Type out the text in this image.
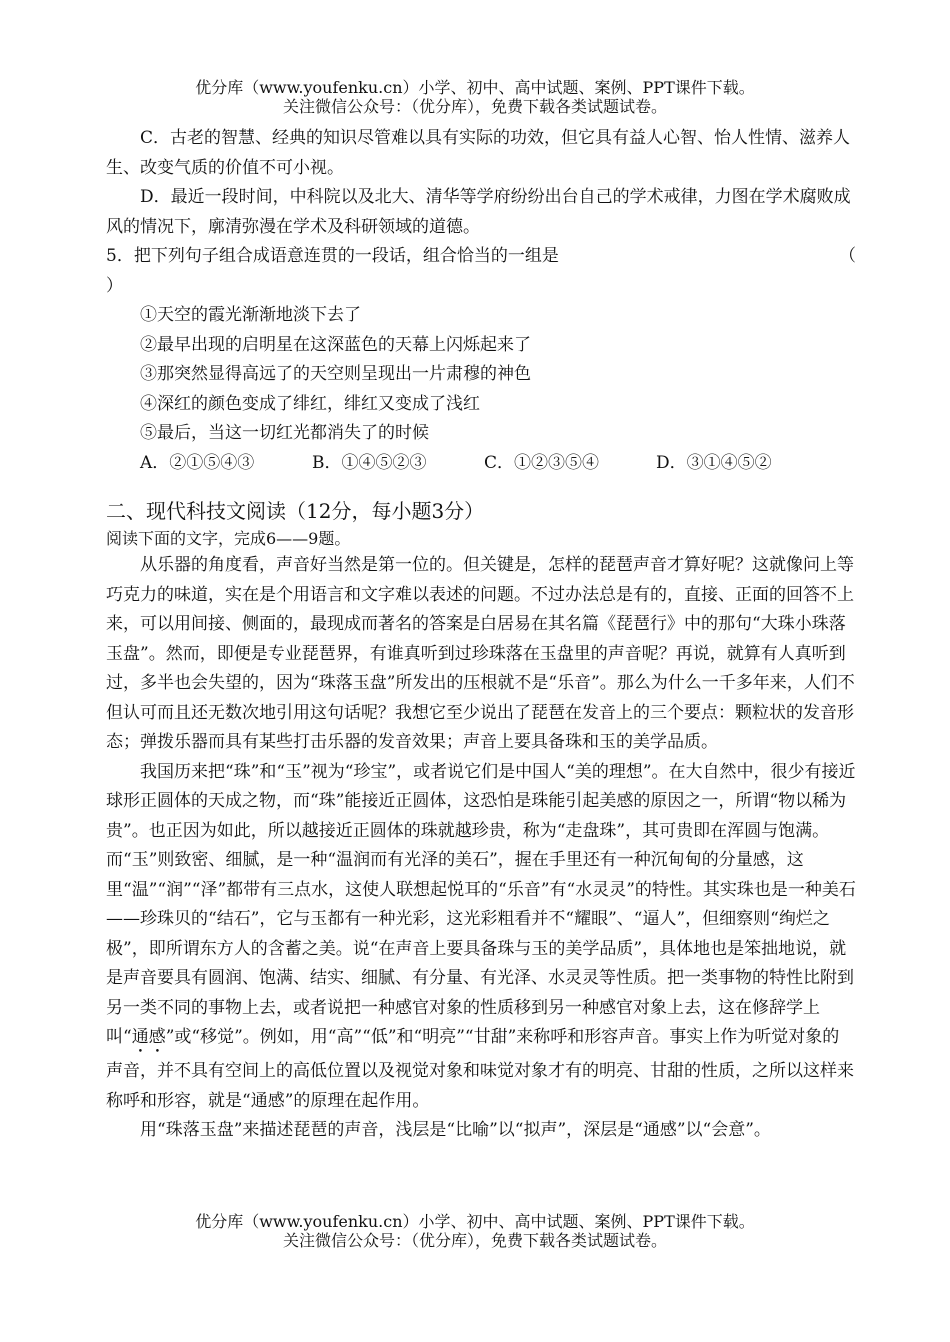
优分库（www.youfenku.cn）小学、初中、高中试题、案例、PPT课件下载。
关注微信公众号：（优分库），免费下载各类试题试卷。

C．古老的智慧、经典的知识尽管难以具有实际的功效，但它具有益人心智、怡人性情、滋养人生、改变气质的价值不可小视。

D．最近一段时间，中科院以及北大、清华等学府纷纷出台自己的学术戒律，力图在学术腐败成风的情况下，廓清弥漫在学术及科研领域的道德。

5．把下列句子组合成语意连贯的一段话，组合恰当的一组是	（

）

①天空的霞光渐渐地淡下去了

②最早出现的启明星在这深蓝色的天幕上闪烁起来了

③那突然显得高远了的天空则呈现出一片肃穆的神色

④深红的颜色变成了绯红，绯红又变成了浅红

⑤最后，当这一切红光都消失了的时候

A．②①⑤④③	B．①④⑤②③	C．①②③⑤④	D．③①④⑤②

二、现代科技文阅读（12分，每小题3分）

阅读下面的文字，完成6——9题。

从乐器的角度看，声音好当然是第一位的。但关键是，怎样的琵琶声音才算好呢？这就像问上等巧克力的味道，实在是个用语言和文字难以表述的问题。不过办法总是有的，直接、正面的回答不上来，可以用间接、侧面的，最现成而著名的答案是白居易在其名篇《琵琶行》中的那句“大珠小珠落玉盘”。然而，即便是专业琵琶界，有谁真听到过珍珠落在玉盘里的声音呢？再说，就算有人真听到过，多半也会失望的，因为“珠落玉盘”所发出的压根就不是“乐音”。那么为什么一千多年来，人们不但认可而且还无数次地引用这句话呢？我想它至少说出了琵琶在发音上的三个要点：颗粒状的发音形态；弹拨乐器而具有某些打击乐器的发音效果；声音上要具备珠和玉的美学品质。

我国历来把“珠”和“玉”视为“珍宝”，或者说它们是中国人“美的理想”。在大自然中，很少有接近球形正圆体的天成之物，而“珠”能接近正圆体，这恐怕是珠能引起美感的原因之一，所谓“物以稀为贵”。也正因为如此，所以越接近正圆体的珠就越珍贵，称为“走盘珠”，其可贵即在浑圆与饱满。而“玉”则致密、细腻，是一种“温润而有光泽的美石”，握在手里还有一种沉甸甸的分量感，这里“温”“润”“泽”都带有三点水，这使人联想起悦耳的“乐音”有“水灵灵”的特性。其实珠也是一种美石——珍珠贝的“结石”，它与玉都有一种光彩，这光彩粗看并不“耀眼”、“逼人”，但细察则“绚烂之极”，即所谓东方人的含蓄之美。说“在声音上要具备珠与玉的美学品质”，具体地也是笨拙地说，就是声音要具有圆润、饱满、结实、细腻、有分量、有光泽、水灵灵等性质。把一类事物的特性比附到另一类不同的事物上去，或者说把一种感官对象的性质移到另一种感官对象上去，这在修辞学上叫“通感”或“移觉”。例如，用“高”“低”和“明亮”“甘甜”来称呼和形容声音。事实上作为听觉对象的声音，并不具有空间上的高低位置以及视觉对象和味觉对象才有的明亮、甘甜的性质，之所以这样来称呼和形容，就是“通感”的原理在起作用。

用“珠落玉盘”来描述琵琶的声音，浅层是“比喻”以“拟声”，深层是“通感”以“会意”。

优分库（www.youfenku.cn）小学、初中、高中试题、案例、PPT课件下载。
关注微信公众号：（优分库），免费下载各类试题试卷。
